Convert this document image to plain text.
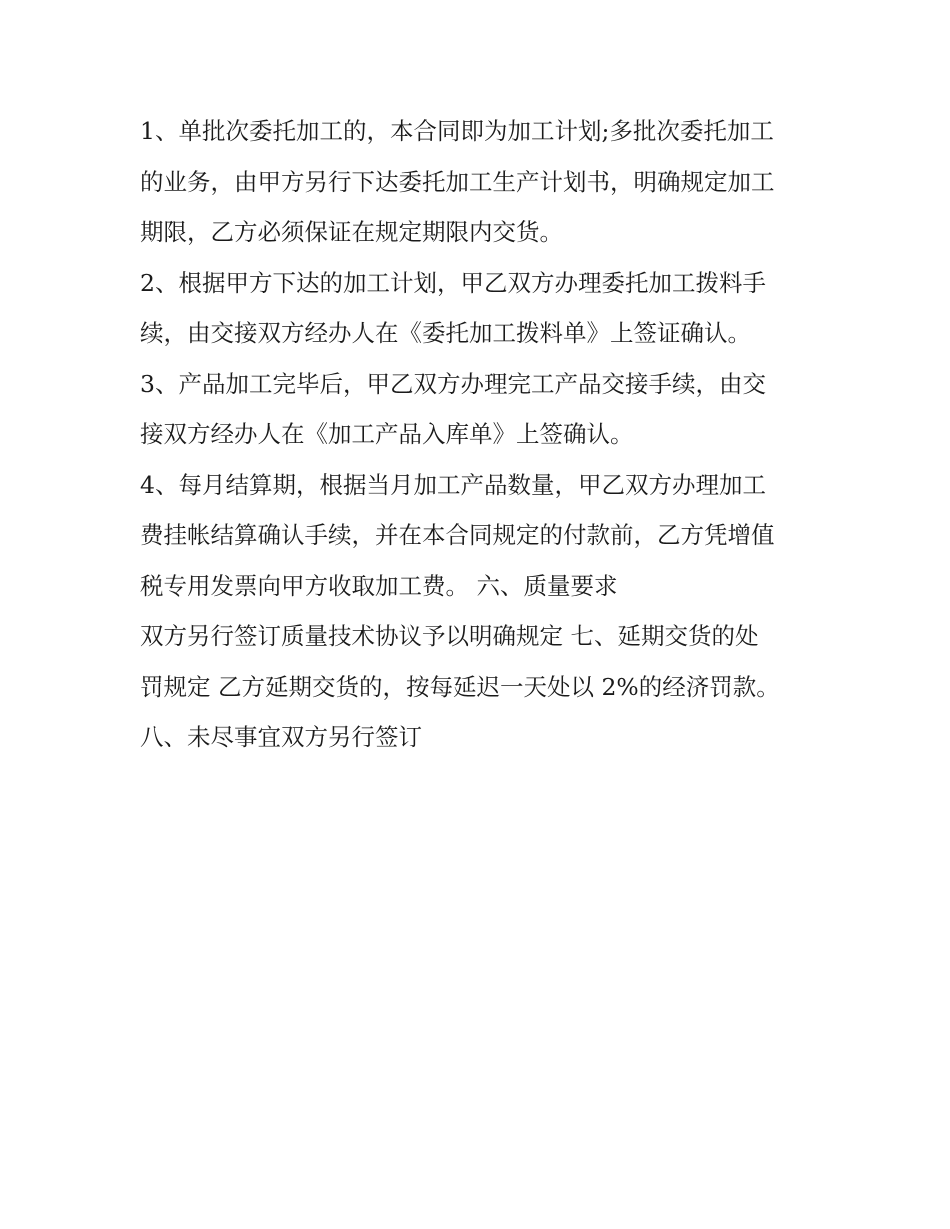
1、单批次委托加工的，本合同即为加工计划;多批次委托加工
的业务，由甲方另行下达委托加工生产计划书，明确规定加工
期限，乙方必须保证在规定期限内交货。
2、根据甲方下达的加工计划，甲乙双方办理委托加工拨料手
续，由交接双方经办人在《委托加工拨料单》上签证确认。
3、产品加工完毕后，甲乙双方办理完工产品交接手续，由交
接双方经办人在《加工产品入库单》上签确认。
4、每月结算期，根据当月加工产品数量，甲乙双方办理加工
费挂帐结算确认手续，并在本合同规定的付款前，乙方凭增值
税专用发票向甲方收取加工费。 六、质量要求
双方另行签订质量技术协议予以明确规定 七、延期交货的处
罚规定 乙方延期交货的，按每延迟一天处以 2%的经济罚款。
八、未尽事宜双方另行签订
